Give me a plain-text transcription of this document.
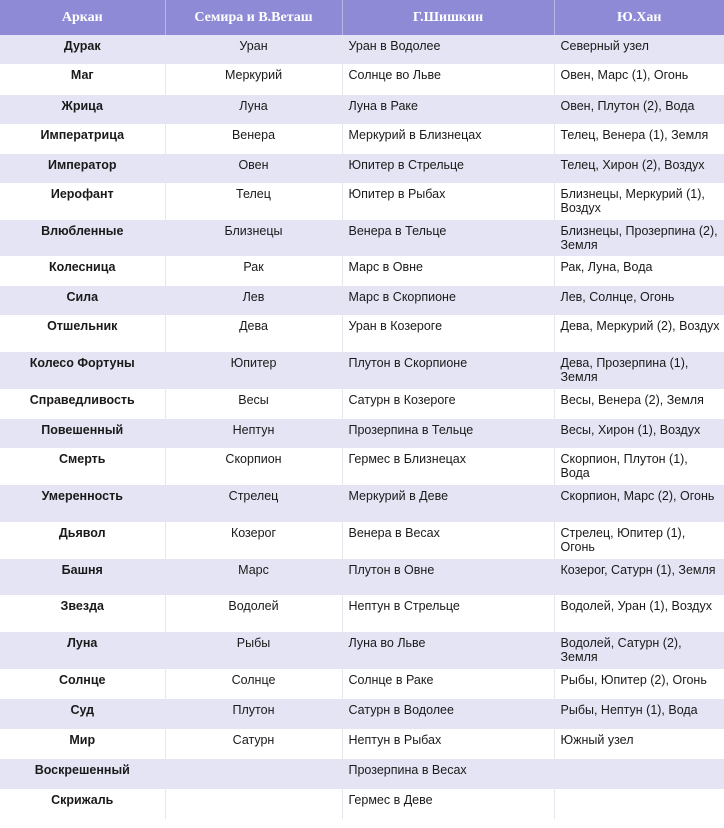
Аркан	Семира и В.Веташ	Г.Шишкин	Ю.Хан
Дурак	Уран	Уран в Водолее	Северный узел
Маг	Меркурий	Солнце во Льве	Овен, Марс (1), Огонь
Жрица	Луна	Луна в Раке	Овен, Плутон (2), Вода
Императрица	Венера	Меркурий в Близнецах	Телец, Венера (1), Земля
Император	Овен	Юпитер в Стрельце	Телец, Хирон (2), Воздух
Иерофант	Телец	Юпитер в Рыбах	Близнецы, Меркурий (1), Воздух
Влюбленные	Близнецы	Венера в Тельце	Близнецы, Прозерпина (2), Земля
Колесница	Рак	Марс в Овне	Рак, Луна, Вода
Сила	Лев	Марс в Скорпионе	Лев, Солнце, Огонь
Отшельник	Дева	Уран в Козероге	Дева, Меркурий (2), Воздух
Колесо Фортуны	Юпитер	Плутон в Скорпионе	Дева, Прозерпина (1), Земля
Справедливость	Весы	Сатурн в Козероге	Весы, Венера (2), Земля
Повешенный	Нептун	Прозерпина в Тельце	Весы, Хирон (1), Воздух
Смерть	Скорпион	Гермес в Близнецах	Скорпион, Плутон (1), Вода
Умеренность	Стрелец	Меркурий в Деве	Скорпион, Марс (2), Огонь
Дьявол	Козерог	Венера в Весах	Стрелец, Юпитер (1), Огонь
Башня	Марс	Плутон в Овне	Козерог, Сатурн (1), Земля
Звезда	Водолей	Нептун в Стрельце	Водолей, Уран (1), Воздух
Луна	Рыбы	Луна во Льве	Водолей, Сатурн (2), Земля
Солнце	Солнце	Солнце в Раке	Рыбы, Юпитер (2), Огонь
Суд	Плутон	Сатурн в Водолее	Рыбы, Нептун (1), Вода
Мир	Сатурн	Нептун в Рыбах	Южный узел
Воскрешенный		Прозерпина в Весах	
Скрижаль		Гермес в Деве	
